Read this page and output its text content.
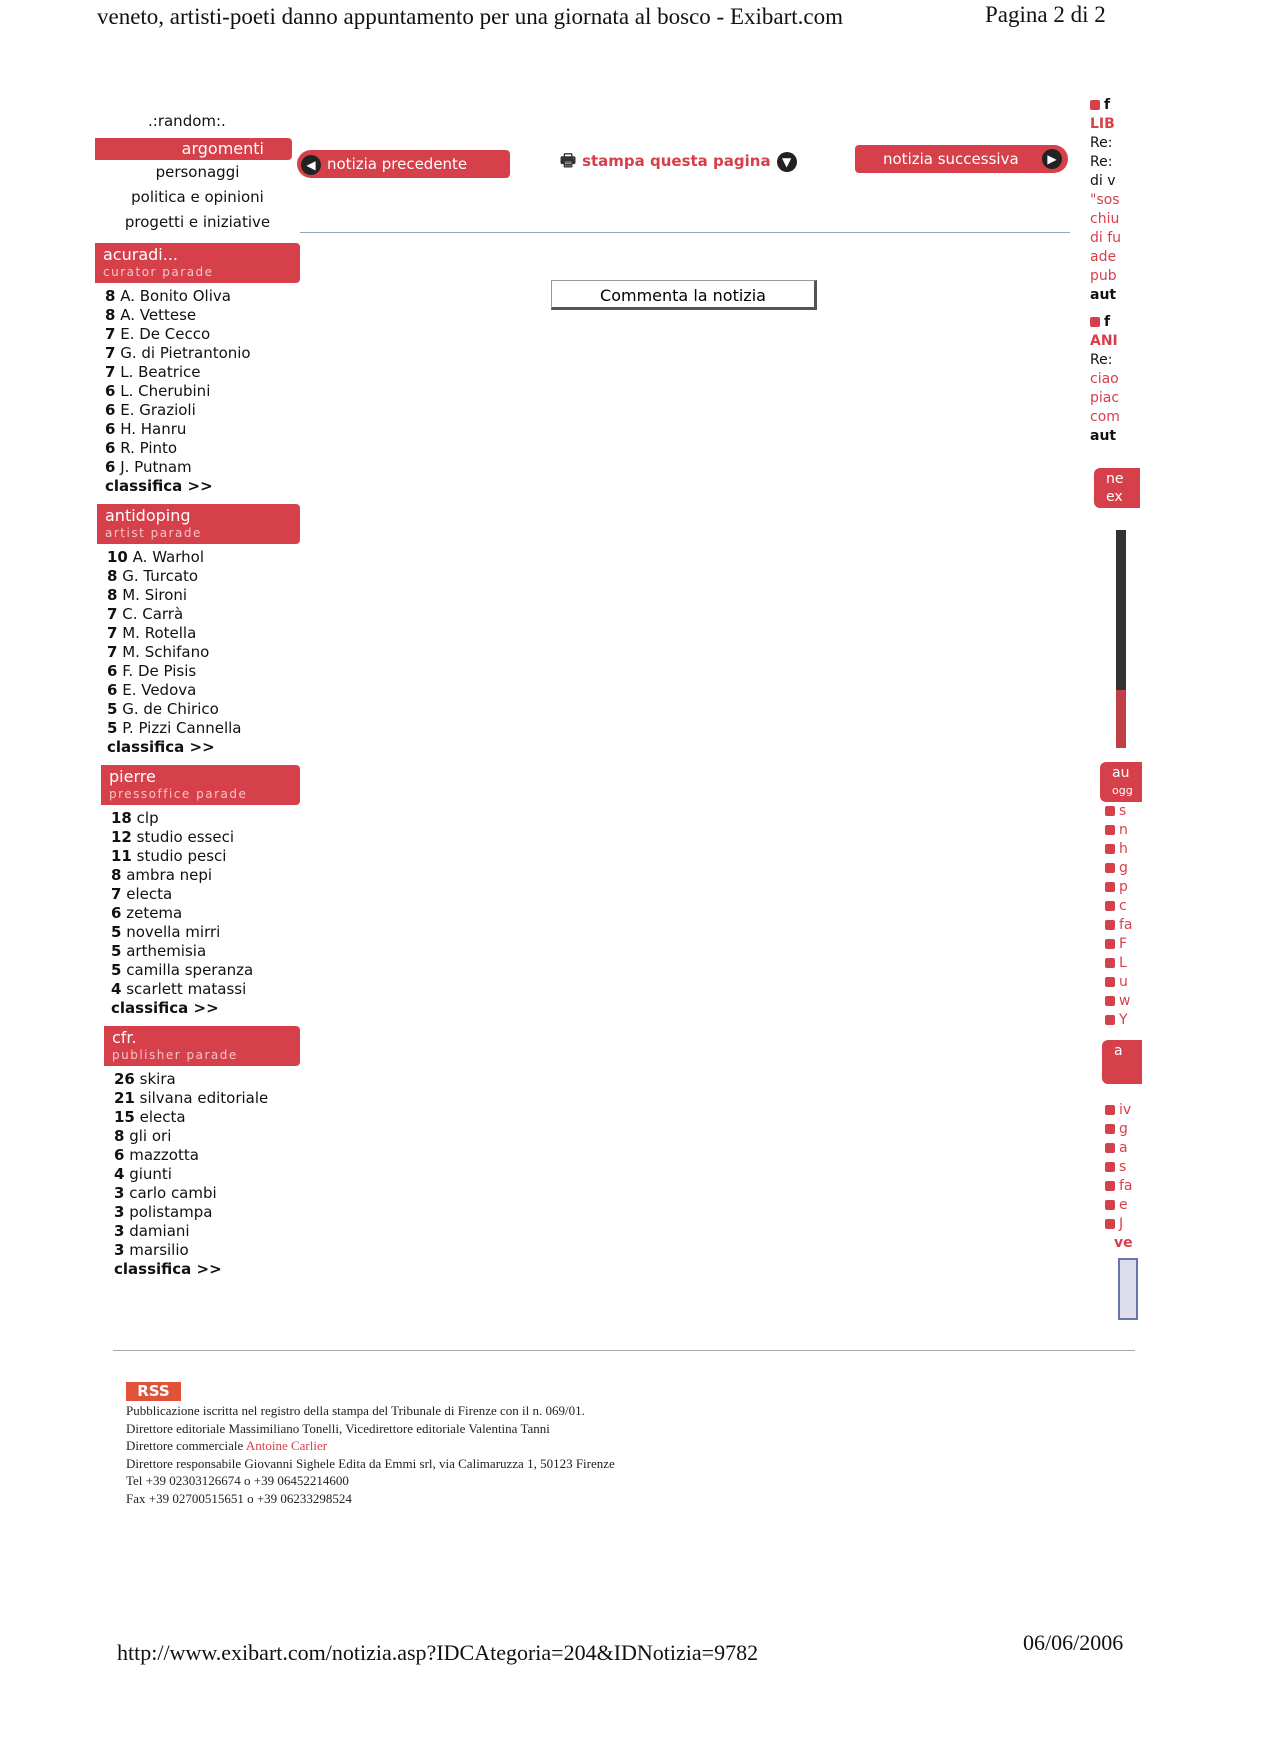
veneto, artisti-poeti danno appuntamento per una giornata al bosco - Exibart.com	Pagina 2 di 2
.:random:.
argomenti
personaggi
politica e opinioni
progetti e iniziative
acuradi...
curator parade
8 A. Bonito Oliva
8 A. Vettese
7 E. De Cecco
7 G. di Pietrantonio
7 L. Beatrice
6 L. Cherubini
6 E. Grazioli
6 H. Hanru
6 R. Pinto
6 J. Putnam
classifica >>
antidoping
artist parade
10 A. Warhol
8 G. Turcato
8 M. Sironi
7 C. Carrà
7 M. Rotella
7 M. Schifano
6 F. De Pisis
6 E. Vedova
5 G. de Chirico
5 P. Pizzi Cannella
classifica >>
pierre
pressoffice parade
18 clp
12 studio esseci
11 studio pesci
8 ambra nepi
7 electa
6 zetema
5 novella mirri
5 arthemisia
5 camilla speranza
4 scarlett matassi
classifica >>
cfr.
publisher parade
26 skira
21 silvana editoriale
15 electa
8 gli ori
6 mazzotta
4 giunti
3 carlo cambi
3 polistampa
3 damiani
3 marsilio
classifica >>
◀ notizia precedente	🖶 stampa questa pagina ▼	notizia successiva	▶
Commenta la notizia
f
LIB
Re:
Re:
di v
"sos
chiu
di fu
ade
pub
aut
f
ANI
Re:
ciao
piac
com
aut
ne
ex
au
ogg
s
n
h
g
p
c
fa
F
L
u
w
Y
a
iv
g
a
s
fa
e
J
ve
RSS
Pubblicazione iscritta nel registro della stampa del Tribunale di Firenze con il n. 069/01.
Direttore editoriale Massimiliano Tonelli, Vicedirettore editoriale Valentina Tanni
Direttore commerciale Antoine Carlier
Direttore responsabile Giovanni Sighele Edita da Emmi srl, via Calimaruzza 1, 50123 Firenze
Tel +39 02303126674 o +39 06452214600
Fax +39 02700515651 o +39 06233298524
http://www.exibart.com/notizia.asp?IDCAtegoria=204&IDNotizia=9782	06/06/2006
